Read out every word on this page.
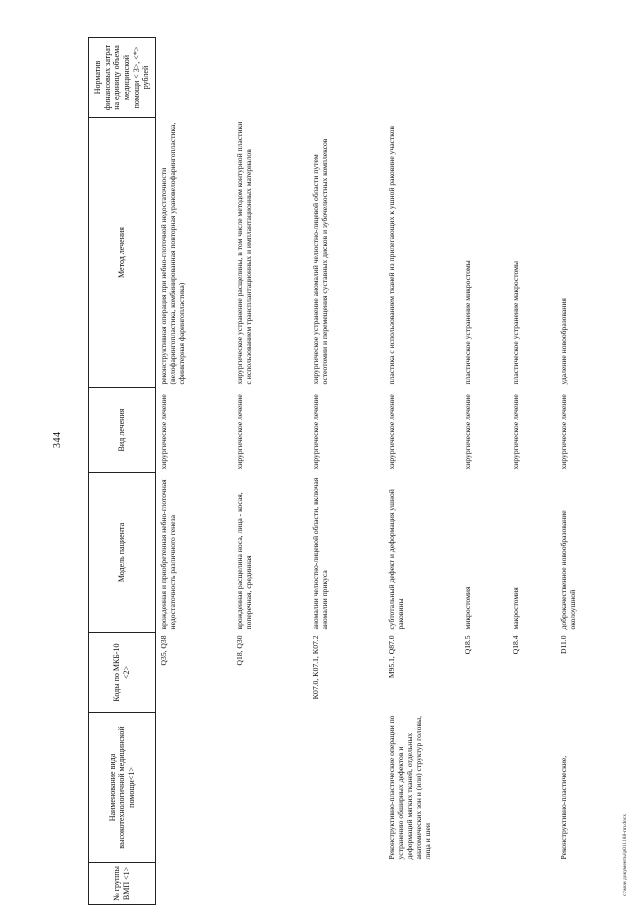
344
№ группы ВМП <1>	Наименование вида высокотехнологичной медицинской помощи<1>	Коды по МКБ-10 <2>	Модель пациента	Вид лечения	Метод лечения	Норматив финансовых затрат на единицу объема медицинской помощи < 3>, <*> рублей
		Q35, Q38	врожденная и приобретенная небно-глоточная недостаточность различного генеза	хирургическое лечение	реконструктивная операция при небно-глоточной недостаточности (велофарингопластика, комбинированная повторная урановелофарингопластика, сфинктерная фарингопластика)	
		Q18, Q30	врожденная расщелина носа, лица - косая, поперечная, срединная	хирургическое лечение	хирургическое устранение расщелины, в том числе методом контурной пластики с использованием трансплантационных и имплантационных материалов	
		K07.0, K07.1, K07.2	аномалии челюстно-лицевой области, включая аномалии прикуса	хирургическое лечение	хирургическое устранение аномалий челюстно-лицевой области путем остеотомии и перемещения суставных дисков и зубочелюстных комплексов	
	Реконструктивно-пластические операции по устранению обширных дефектов и деформаций мягких тканей, отдельных анатомических зон и (или) структур головы, лица и шеи	M95.1, Q87.0	субтотальный дефект и деформация ушной раковины	хирургическое лечение	пластика с использованием тканей из прилегающих к ушной раковине участков	
		Q18.5	микростомия	хирургическое лечение	пластическое устранение микростомы	
		Q18.4	макростомия	хирургическое лечение	пластическое устранение макростомы	
	Реконструктивно-пластические,	D11.0	доброкачественное новообразование околоушной	хирургическое лечение	удаление новообразования	
c:\мои документы\р011188-пп.docx
